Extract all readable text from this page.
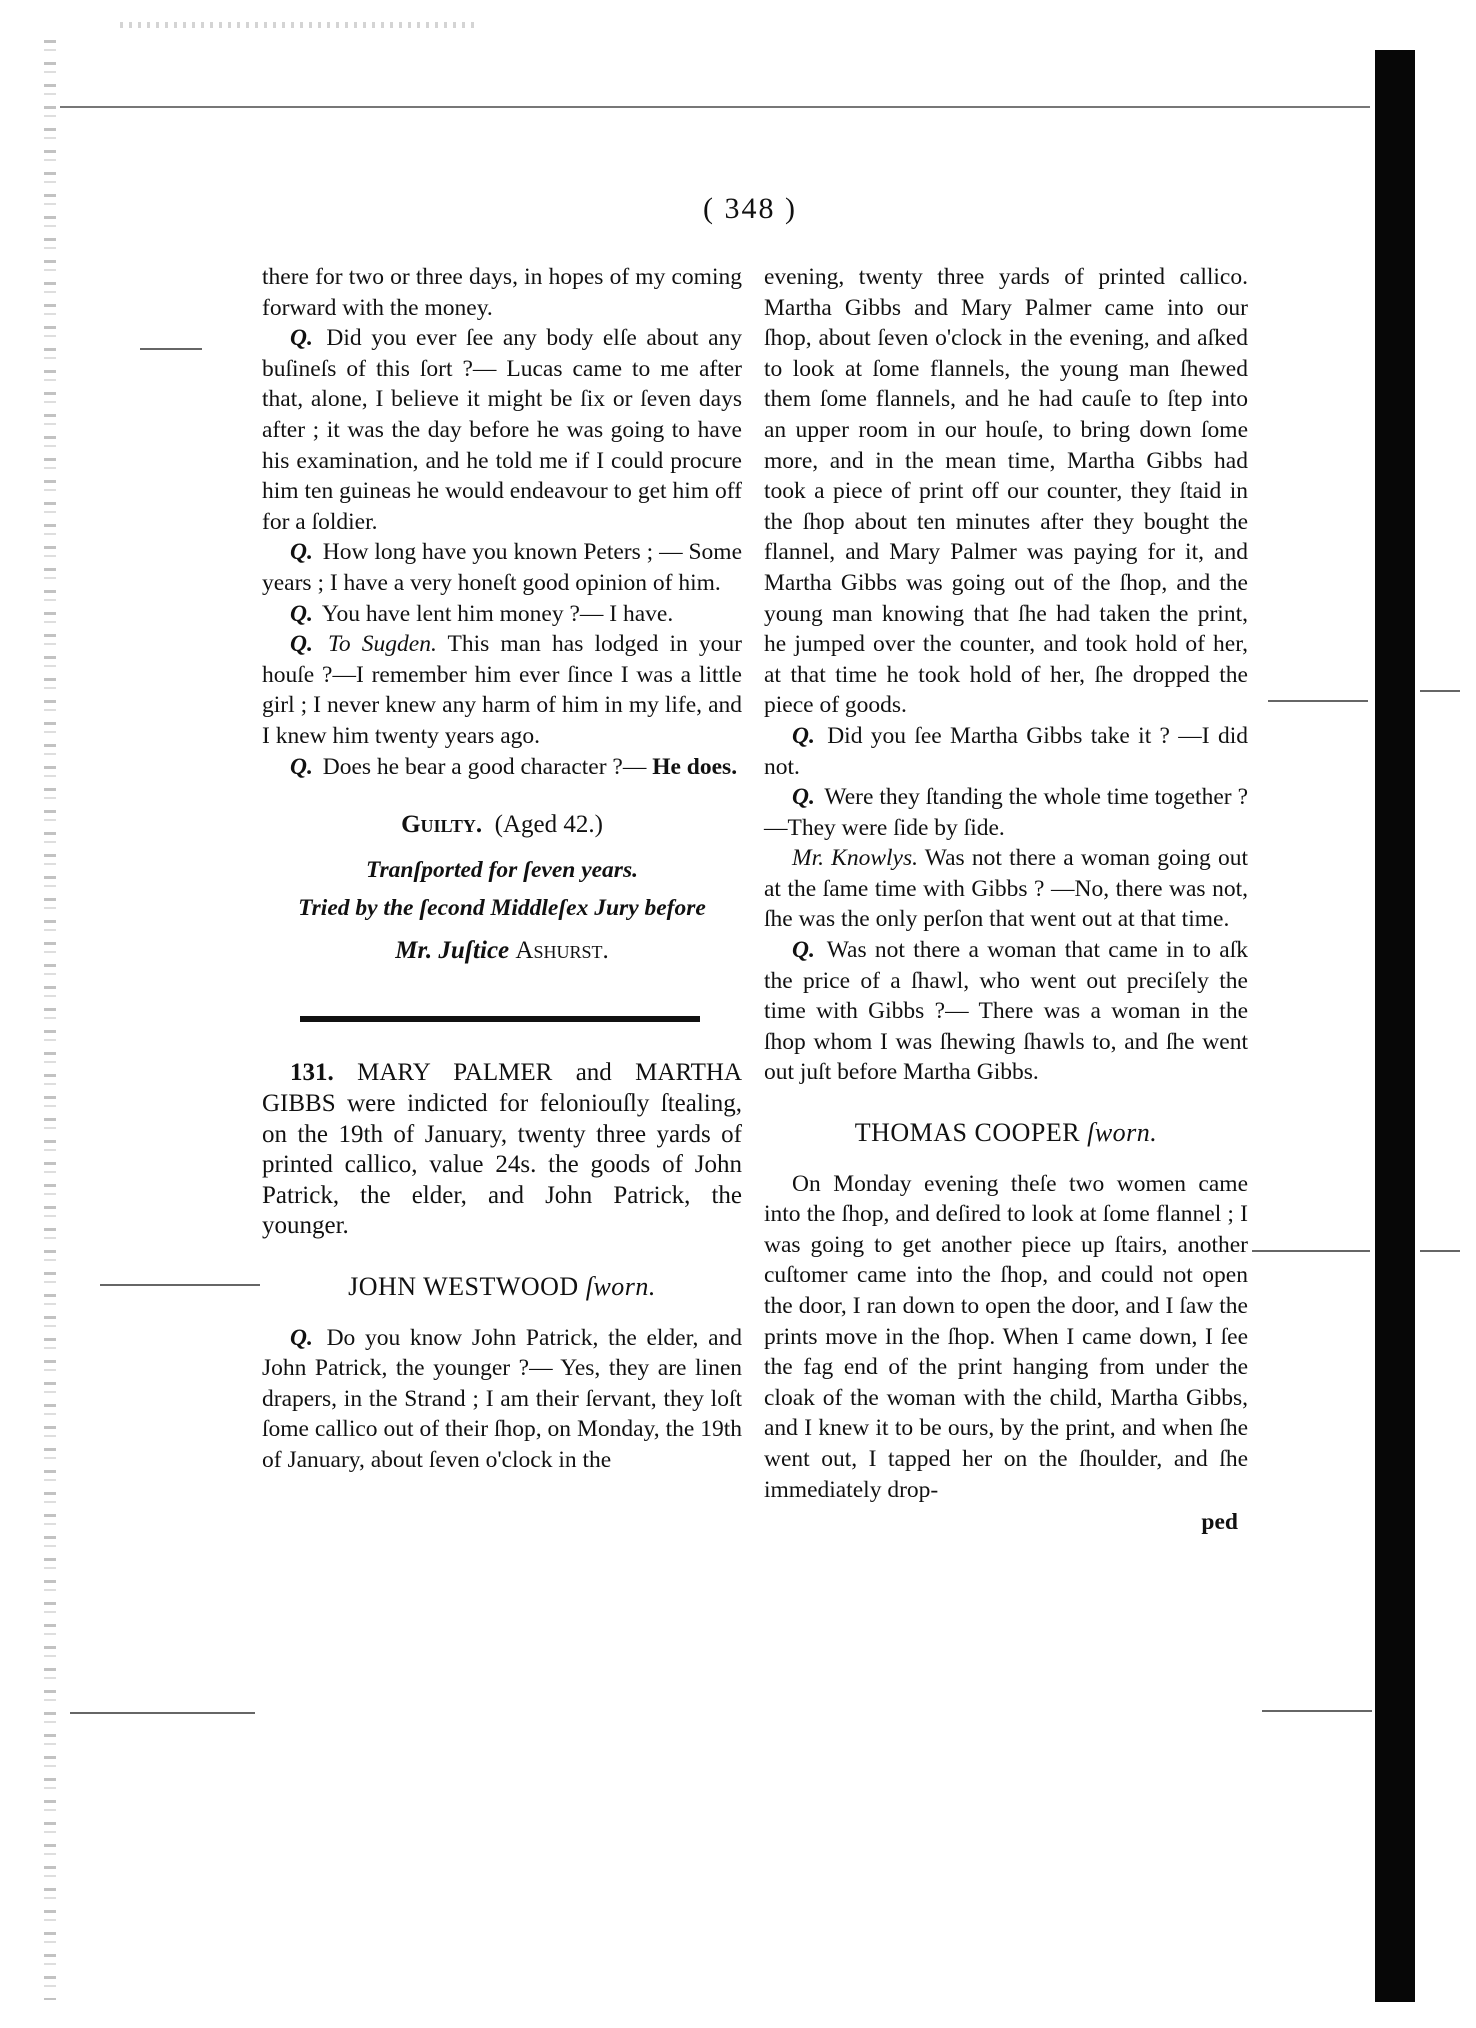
( 348 )

there for two or three days, in hopes of my coming forward with the money.

Q. Did you ever ſee any body elſe about any buſineſs of this ſort ?— Lucas came to me after that, alone, I believe it might be ſix or ſeven days after ; it was the day before he was going to have his examination, and he told me if I could procure him ten guineas he would endeavour to get him off for a ſoldier.

Q. How long have you known Peters ; — Some years ; I have a very honeſt good opinion of him.

Q. You have lent him money ?— I have.

Q. To Sugden. This man has lodged in your houſe ?—I remember him ever ſince I was a little girl ; I never knew any harm of him in my life, and I knew him twenty years ago.

Q. Does he bear a good character ?— He does.

Guilty. (Aged 42.)
Tranſported for ſeven years.
Tried by the ſecond Middleſex Jury before
Mr. Juſtice Ashurst.

131. MARY PALMER and MARTHA GIBBS were indicted for feloniouſly ſtealing, on the 19th of January, twenty three yards of printed callico, value 24s. the goods of John Patrick, the elder, and John Patrick, the younger.

JOHN WESTWOOD ſworn.

Q. Do you know John Patrick, the elder, and John Patrick, the younger ?— Yes, they are linen drapers, in the Strand ; I am their ſervant, they loſt ſome callico out of their ſhop, on Monday, the 19th of January, about ſeven o'clock in the

evening, twenty three yards of printed callico. Martha Gibbs and Mary Palmer came into our ſhop, about ſeven o'clock in the evening, and aſked to look at ſome flannels, the young man ſhewed them ſome flannels, and he had cauſe to ſtep into an upper room in our houſe, to bring down ſome more, and in the mean time, Martha Gibbs had took a piece of print off our counter, they ſtaid in the ſhop about ten minutes after they bought the flannel, and Mary Palmer was paying for it, and Martha Gibbs was going out of the ſhop, and the young man knowing that ſhe had taken the print, he jumped over the counter, and took hold of her, at that time he took hold of her, ſhe dropped the piece of goods.

Q. Did you ſee Martha Gibbs take it ? —I did not.

Q. Were they ſtanding the whole time together ?—They were ſide by ſide.

Mr. Knowlys. Was not there a woman going out at the ſame time with Gibbs ? —No, there was not, ſhe was the only perſon that went out at that time.

Q. Was not there a woman that came in to aſk the price of a ſhawl, who went out preciſely the time with Gibbs ?— There was a woman in the ſhop whom I was ſhewing ſhawls to, and ſhe went out juſt before Martha Gibbs.

THOMAS COOPER ſworn.

On Monday evening theſe two women came into the ſhop, and deſired to look at ſome flannel ; I was going to get another piece up ſtairs, another cuſtomer came into the ſhop, and could not open the door, I ran down to open the door, and I ſaw the prints move in the ſhop. When I came down, I ſee the fag end of the print hanging from under the cloak of the woman with the child, Martha Gibbs, and I knew it to be ours, by the print, and when ſhe went out, I tapped her on the ſhoulder, and ſhe immediately drop-

ped
